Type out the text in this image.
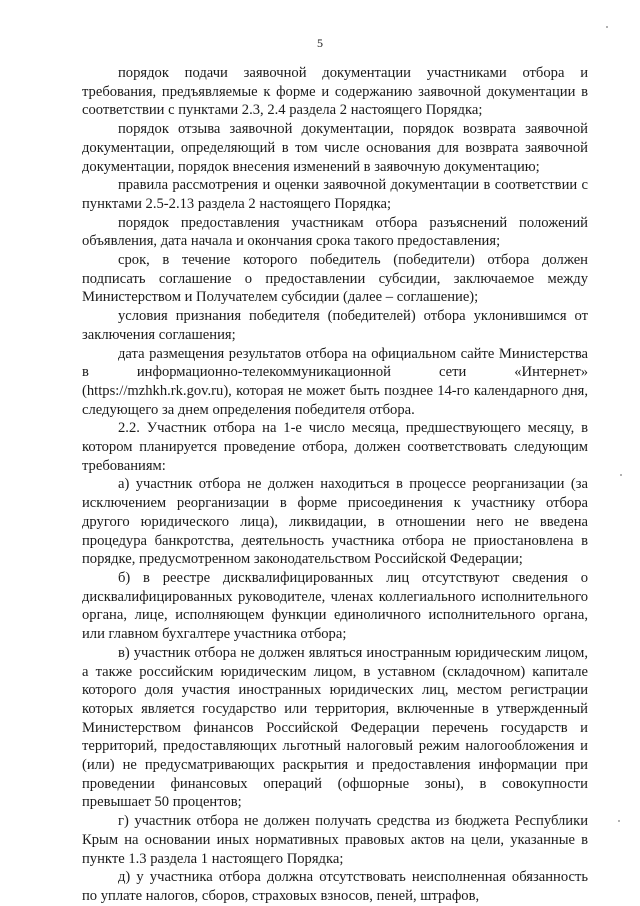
5

порядок подачи заявочной документации участниками отбора и требования, предъявляемые к форме и содержанию заявочной документации в соответствии с пунктами 2.3, 2.4 раздела 2 настоящего Порядка;

порядок отзыва заявочной документации, порядок возврата заявочной документации, определяющий в том числе основания для возврата заявочной документации, порядок внесения изменений в заявочную документацию;

правила рассмотрения и оценки заявочной документации в соответствии с пунктами 2.5-2.13 раздела 2 настоящего Порядка;

порядок предоставления участникам отбора разъяснений положений объявления, дата начала и окончания срока такого предоставления;

срок, в течение которого победитель (победители) отбора должен подписать соглашение о предоставлении субсидии, заключаемое между Министерством и Получателем субсидии (далее – соглашение);

условия признания победителя (победителей) отбора уклонившимся от заключения соглашения;

дата размещения результатов отбора на официальном сайте Министерства в информационно-телекоммуникационной сети «Интернет» (https://mzhkh.rk.gov.ru), которая не может быть позднее 14-го календарного дня, следующего за днем определения победителя отбора.

2.2. Участник отбора на 1-е число месяца, предшествующего месяцу, в котором планируется проведение отбора, должен соответствовать следующим требованиям:

а) участник отбора не должен находиться в процессе реорганизации (за исключением реорганизации в форме присоединения к участнику отбора другого юридического лица), ликвидации, в отношении него не введена процедура банкротства, деятельность участника отбора не приостановлена в порядке, предусмотренном законодательством Российской Федерации;

б) в реестре дисквалифицированных лиц отсутствуют сведения о дисквалифицированных руководителе, членах коллегиального исполнительного органа, лице, исполняющем функции единоличного исполнительного органа, или главном бухгалтере участника отбора;

в) участник отбора не должен являться иностранным юридическим лицом, а также российским юридическим лицом, в уставном (складочном) капитале которого доля участия иностранных юридических лиц, местом регистрации которых является государство или территория, включенные в утвержденный Министерством финансов Российской Федерации перечень государств и территорий, предоставляющих льготный налоговый режим налогообложения и (или) не предусматривающих раскрытия и предоставления информации при проведении финансовых операций (офшорные зоны), в совокупности превышает 50 процентов;

г) участник отбора не должен получать средства из бюджета Республики Крым на основании иных нормативных правовых актов на цели, указанные в пункте 1.3 раздела 1 настоящего Порядка;

д) у участника отбора должна отсутствовать неисполненная обязанность по уплате налогов, сборов, страховых взносов, пеней, штрафов,
